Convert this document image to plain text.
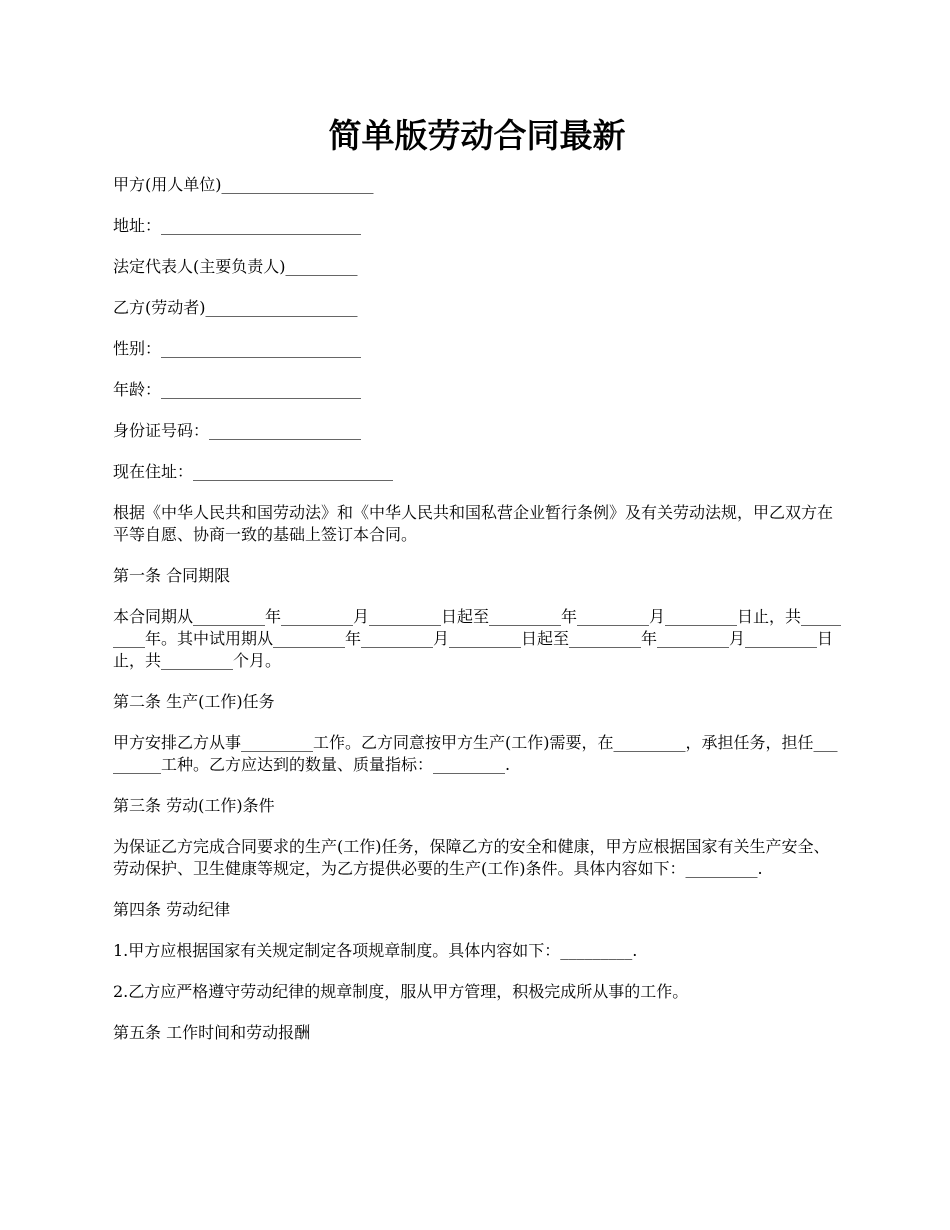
简单版劳动合同最新

甲方(用人单位)___________________

地址：_________________________

法定代表人(主要负责人)_________

乙方(劳动者)___________________

性别：_________________________

年龄：_________________________

身份证号码：___________________

现在住址：_________________________

根据《中华人民共和国劳动法》和《中华人民共和国私营企业暂行条例》及有关劳动法规，甲乙双方在平等自愿、协商一致的基础上签订本合同。

第一条 合同期限

本合同期从_________年_________月_________日起至_________年_________月_________日止，共_________年。其中试用期从_________年_________月_________日起至_________年_________月_________日止，共_________个月。

第二条 生产(工作)任务

甲方安排乙方从事_________工作。乙方同意按甲方生产(工作)需要，在_________，承担任务，担任_________工种。乙方应达到的数量、质量指标：_________.

第三条 劳动(工作)条件

为保证乙方完成合同要求的生产(工作)任务，保障乙方的安全和健康，甲方应根据国家有关生产安全、劳动保护、卫生健康等规定，为乙方提供必要的生产(工作)条件。具体内容如下：_________.

第四条 劳动纪律

1.甲方应根据国家有关规定制定各项规章制度。具体内容如下：_________.

2.乙方应严格遵守劳动纪律的规章制度，服从甲方管理，积极完成所从事的工作。

第五条 工作时间和劳动报酬
